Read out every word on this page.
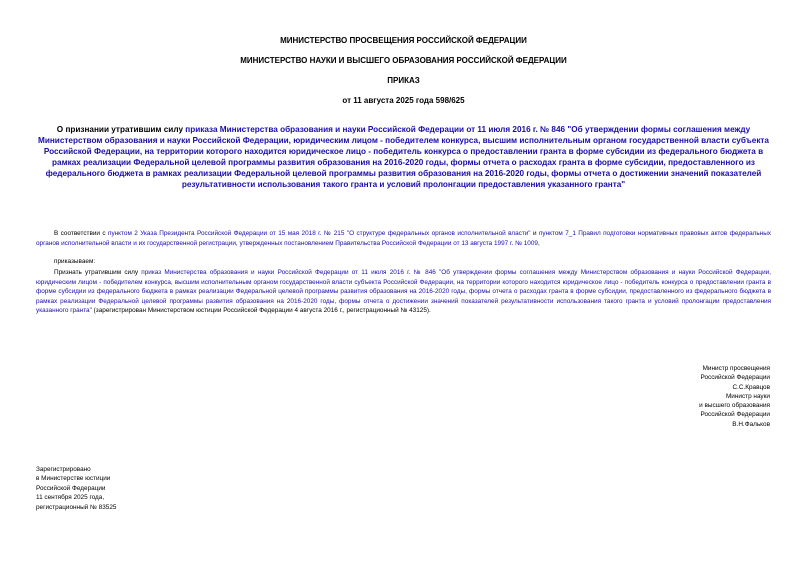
МИНИСТЕРСТВО ПРОСВЕЩЕНИЯ РОССИЙСКОЙ ФЕДЕРАЦИИ
МИНИСТЕРСТВО НАУКИ И ВЫСШЕГО ОБРАЗОВАНИЯ РОССИЙСКОЙ ФЕДЕРАЦИИ
ПРИКАЗ
от 11 августа 2025 года 598/625
О признании утратившим силу приказа Министерства образования и науки Российской Федерации от 11 июля 2016 г. № 846 "Об утверждении формы соглашения между Министерством образования и науки Российской Федерации, юридическим лицом - победителем конкурса, высшим исполнительным органом государственной власти субъекта Российской Федерации, на территории которого находится юридическое лицо - победитель конкурса о предоставлении гранта в форме субсидии из федерального бюджета в рамках реализации Федеральной целевой программы развития образования на 2016-2020 годы, формы отчета о расходах гранта в форме субсидии, предоставленного из федерального бюджета в рамках реализации Федеральной целевой программы развития образования на 2016-2020 годы, формы отчета о достижении значений показателей результативности использования такого гранта и условий пролонгации предоставления указанного гранта"
В соответствии с пунктом 2 Указа Президента Российской Федерации от 15 мая 2018 г. № 215 "О структуре федеральных органов исполнительной власти" и пунктом 7_1 Правил подготовки нормативных правовых актов федеральных органов исполнительной власти и их государственной регистрации, утвержденных постановлением Правительства Российской Федерации от 13 августа 1997 г. № 1009,
приказываем:
Признать утратившим силу приказ Министерства образования и науки Российской Федерации от 11 июля 2016 г. № 846 "Об утверждении формы соглашения между Министерством образования и науки Российской Федерации, юридическим лицом - победителем конкурса, высшим исполнительным органом государственной власти субъекта Российской Федерации, на территории которого находится юридическое лицо - победитель конкурса о предоставлении гранта в форме субсидии из федерального бюджета в рамках реализации Федеральной целевой программы развития образования на 2016-2020 годы, формы отчета о расходах гранта в форме субсидии, предоставленного из федерального бюджета в рамках реализации Федеральной целевой программы развития образования на 2016-2020 годы, формы отчета о достижении значений показателей результативности использования такого гранта и условий пролонгации предоставления указанного гранта" (зарегистрирован Министерством юстиции Российской Федерации 4 августа 2016 г., регистрационный № 43125).
Министр просвещения
Российской Федерации
С.С.Кравцов
Министр науки
и высшего образования
Российской Федерации
В.Н.Фальков
Зарегистрировано
в Министерстве юстиции
Российской Федерации
11 сентября 2025 года,
регистрационный № 83525
